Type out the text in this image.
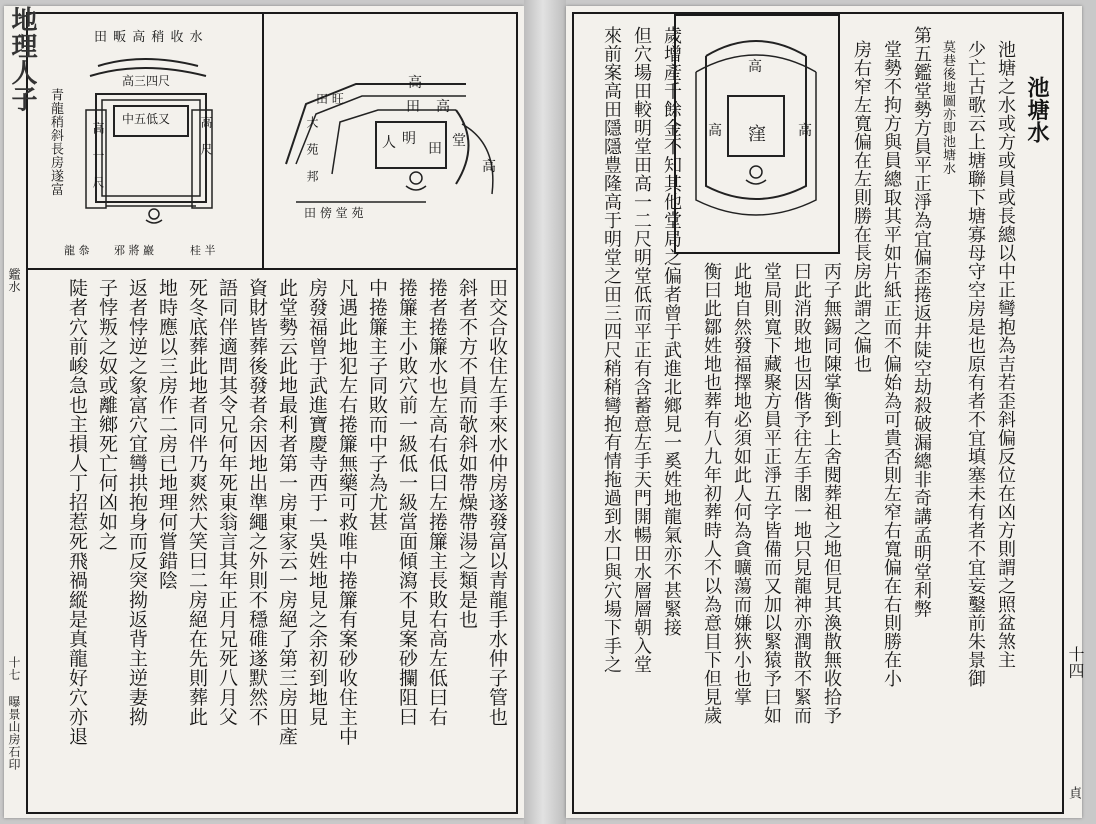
地理人子
鑑水
田 畈 高 稍 收 水
青龍稍斜長房遂富
高三四尺
中五低又
高 一 尺	高 尺
龍 叅 邪 將 巖	桂 半
高
田 高
明
人	堂
田
高
大 苑 邦
田 旺
田 傍 堂 苑
田交合收住左手來水仲房遂發富以青龍手水仲子管也
斜者不方不員而欹斜如帶燥帶湯之類是也
捲者捲簾水也左高右低曰左捲簾主長敗右高左低曰右
捲簾主小敗穴前一級低一級當面傾瀉不見案砂攔阻曰
中捲簾主子同敗而中子為尤甚
凡遇此地犯左右捲簾無藥可救唯中捲簾有案砂收住主中
房發福曾于武進寶慶寺西于一吳姓地見之余初到地見
此堂勢云此地最利者第一房東家云一房絕了第三房田產
資財皆葬後發者余因地出準繩之外則不穩碓遂默然不
語同伴適問其令兄何年死東翁言其年正月兄死八月父
死冬底葬此地者同伴乃爽然大笑曰二房絕在先則葬此
地時應以三房作二房已地理何嘗錯陰
返者悖逆之象富穴宜彎拱抱身而反突拗返背主逆妻拗
子悖叛之奴或離鄉死亡何凶如之
陡者穴前峻急也主損人丁招惹死飛禍縱是真龍好穴亦退
十七 曝景山房石印
高
窪
高	高	池塘水
池塘之水或方或員或長總以中正彎抱為吉若歪斜偏反位在凶方則謂之照盆煞主
少亡古歌云上塘聯下塘寡母守空房是也原有者不宜填塞未有者不宜妄鑿前朱景御
莫巷後地圖亦即池塘水
第五鑑堂勢方員平正淨為宜偏歪捲返井陡空劫殺破漏總非奇講孟明堂利弊
堂勢不拘方與員總取其平如片紙正而不偏始為可貴否則左窄右寬偏在右則勝在小
房右窄左寬偏在左則勝在長房此謂之偏也
丙子無錫同陳掌衡到上舍閱葬祖之地但見其渙散無收拾予
曰此消敗地也因偕予往左手閣一地只見龍神亦潤散不緊而
堂局則寬下藏聚方員平正淨五字皆備而又加以緊猿予曰如
此地自然發福擇地必須如此人何為貪曠蕩而嫌狹小也掌
衡曰此鄒姓地也葬有八九年初葬時人不以為意目下但見歲
歲增產千餘金不知其他堂局之偏者曾于武進北鄉見一奚姓地龍氣亦不甚緊接
但穴場田較明堂田高一二尺明堂低而平正有含蓄意左手天門開暢田水層層朝入堂
來前案高田隱隱豊隆高于明堂之田三四尺稍稍彎抱有情拖過到水口與穴場下手之	十四
貞
